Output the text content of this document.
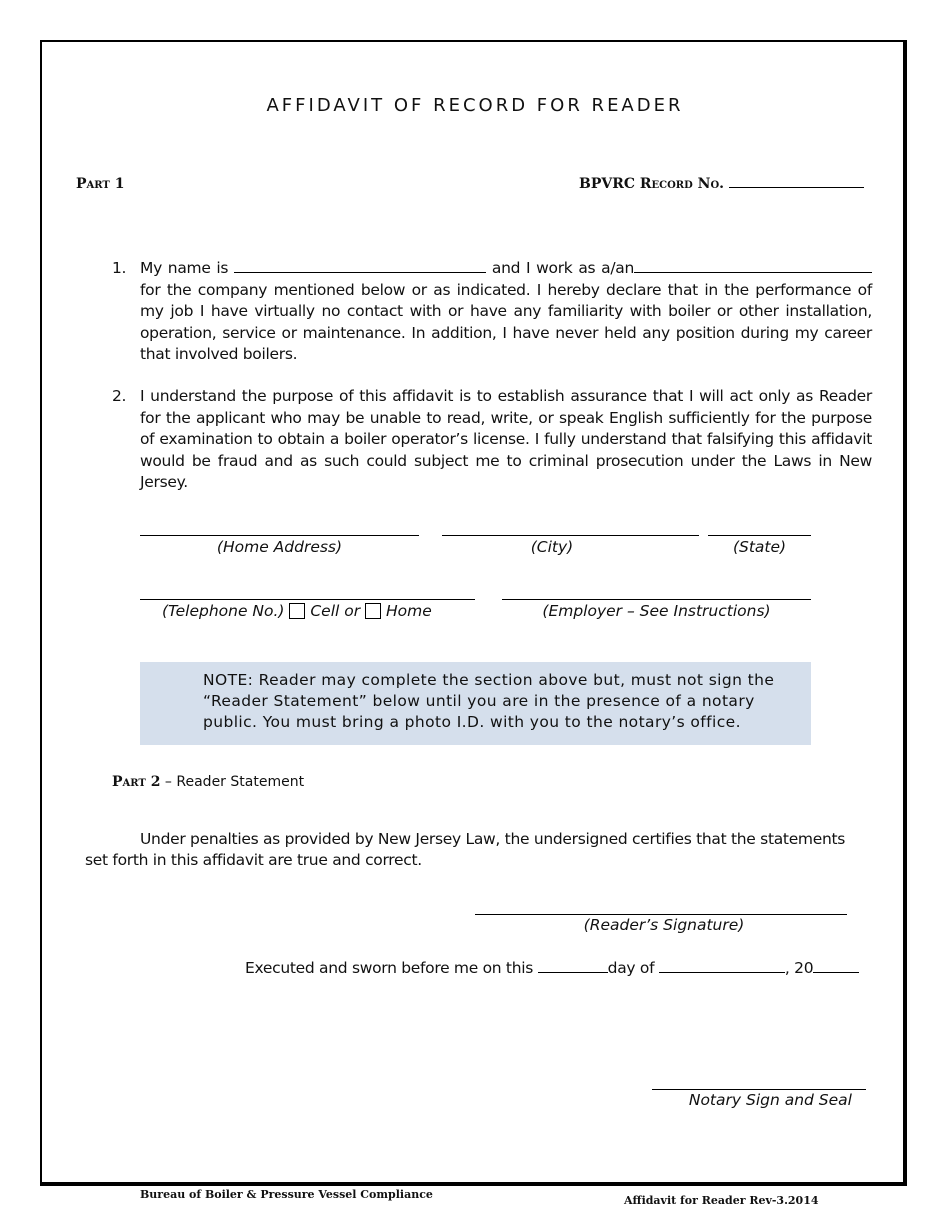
AFFIDAVIT OF RECORD FOR READER
Part 1	BPVRC Record No.
1. My name is	and I work as a/an for the company mentioned below or as indicated. I hereby declare that in the performance of my job I have virtually no contact with or have any familiarity with boiler or other installation, operation, service or maintenance. In addition, I have never held any position during my career that involved boilers.
2. I understand the purpose of this affidavit is to establish assurance that I will act only as Reader for the applicant who may be unable to read, write, or speak English sufficiently for the purpose of examination to obtain a boiler operator’s license. I fully understand that falsifying this affidavit would be fraud and as such could subject me to criminal prosecution under the Laws in New Jersey.
(Home Address)	(City)	(State)
(Telephone No.) Cell or Home	(Employer – See Instructions)
NOTE: Reader may complete the section above but, must not sign the
“Reader Statement” below until you are in the presence of a notary
public. You must bring a photo I.D. with you to the notary’s office.
Part 2 – Reader Statement
Under penalties as provided by New Jersey Law, the undersigned certifies that the statements
set forth in this affidavit are true and correct.
(Reader’s Signature)
Executed and sworn before me on this	day of	, 20
Notary Sign and Seal
Bureau of Boiler & Pressure Vessel Compliance	Affidavit for Reader Rev-3.2014
